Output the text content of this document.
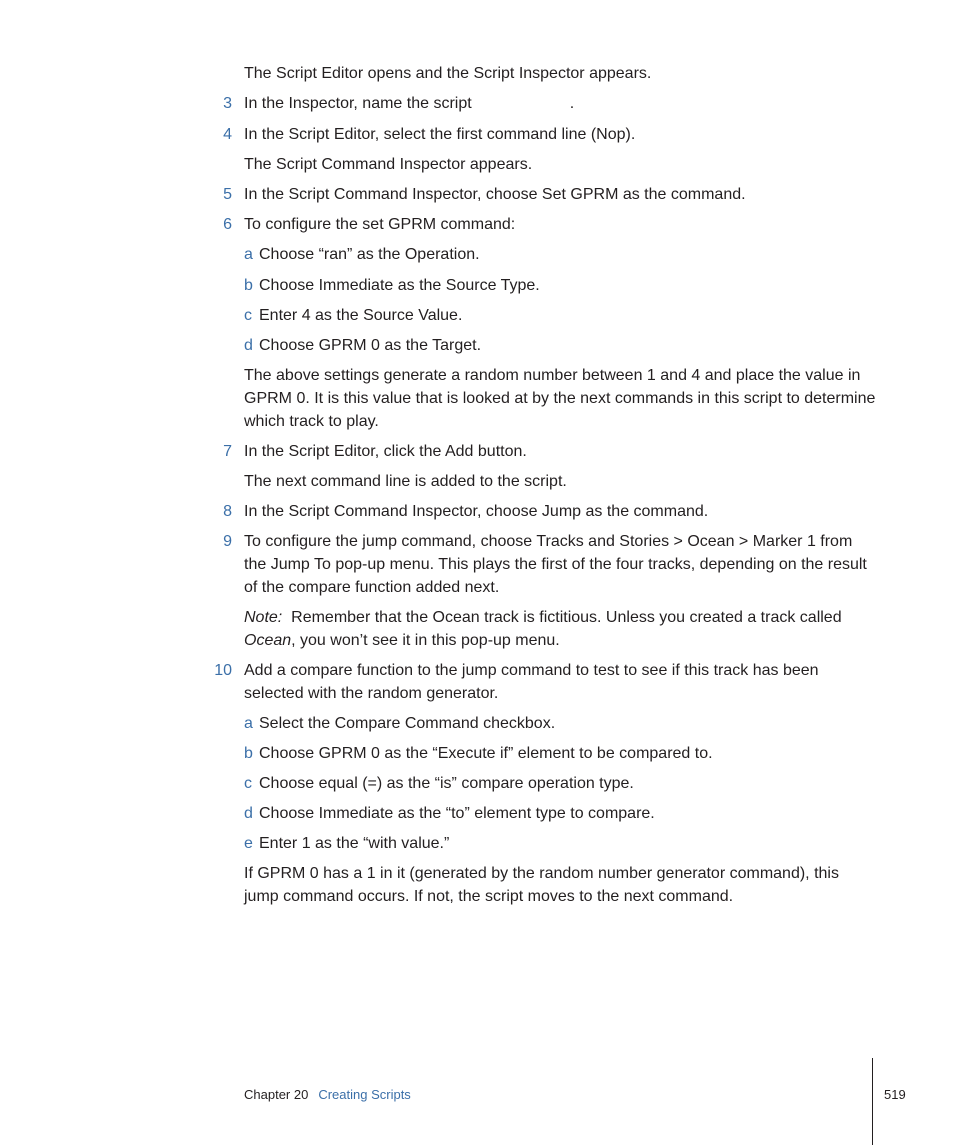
The Script Editor opens and the Script Inspector appears.

3 In the Inspector, name the script	.

4 In the Script Editor, select the first command line (Nop).

The Script Command Inspector appears.

5 In the Script Command Inspector, choose Set GPRM as the command.

6 To configure the set GPRM command:

a Choose “ran” as the Operation.
b Choose Immediate as the Source Type.
c Enter 4 as the Source Value.
d Choose GPRM 0 as the Target.

The above settings generate a random number between 1 and 4 and place the value in GPRM 0. It is this value that is looked at by the next commands in this script to determine which track to play.

7 In the Script Editor, click the Add button.

The next command line is added to the script.

8 In the Script Command Inspector, choose Jump as the command.

9 To configure the jump command, choose Tracks and Stories > Ocean > Marker 1 from the Jump To pop-up menu. This plays the first of the four tracks, depending on the result of the compare function added next.

Note: Remember that the Ocean track is fictitious. Unless you created a track called Ocean, you won’t see it in this pop-up menu.

10 Add a compare function to the jump command to test to see if this track has been selected with the random generator.

a Select the Compare Command checkbox.
b Choose GPRM 0 as the “Execute if” element to be compared to.
c Choose equal (=) as the “is” compare operation type.
d Choose Immediate as the “to” element type to compare.
e Enter 1 as the “with value.”

If GPRM 0 has a 1 in it (generated by the random number generator command), this jump command occurs. If not, the script moves to the next command.

Chapter 20 Creating Scripts	519
